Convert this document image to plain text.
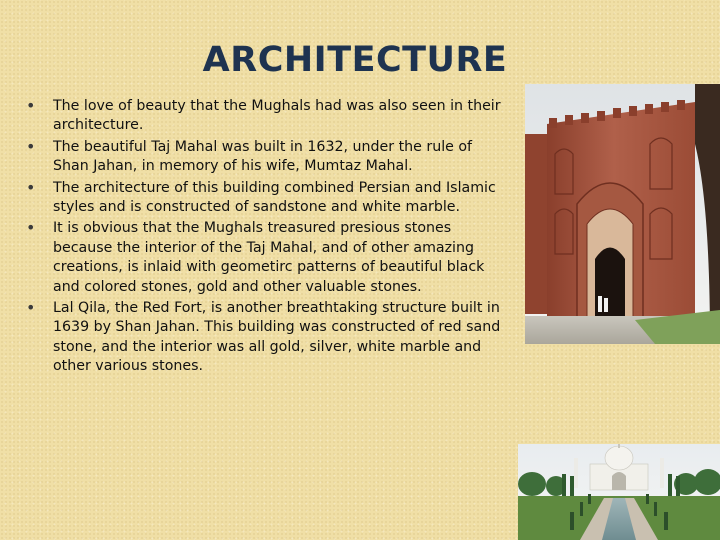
ARCHITECTURE
• The love of beauty that the Mughals had was also seen in their architecture.
• The beautiful Taj Mahal was built in 1632, under the rule of Shan Jahan, in memory of his wife, Mumtaz Mahal.
• The architecture of this building combined Persian and Islamic styles and is constructed of sandstone and white marble.
• It is obvious that the Mughals treasured presious stones because the interior of the Taj Mahal, and of other amazing creations, is inlaid with geometirc patterns of beautiful black and colored stones, gold and other valuable stones.
• Lal Qila, the Red Fort, is another breathtaking structure built in 1639 by Shan Jahan. This building was constructed of red sand stone, and the interior was all gold, silver, white marble and other various stones.
